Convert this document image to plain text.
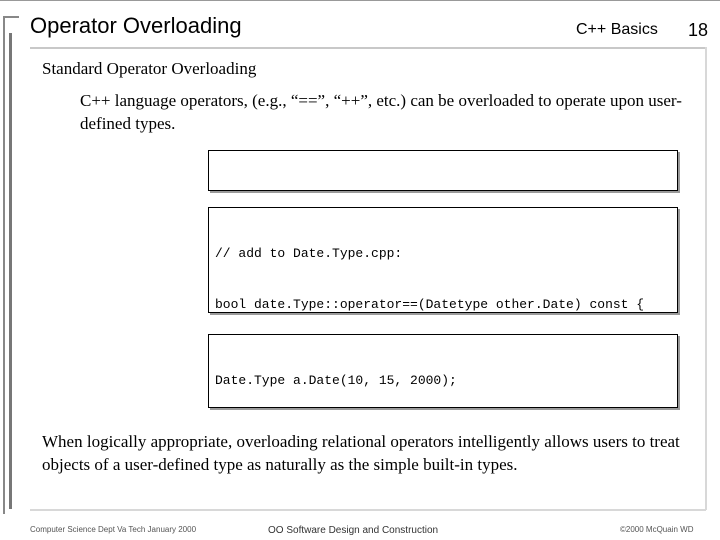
Operator Overloading	C++ Basics 18
Standard Operator Overloading
C++ language operators, (e.g., “==”, “++”, etc.) can be overloaded to operate upon user-defined types.

// add to Date.Type.cpp:

bool date.Type::operator==(Datetype other.Date) const {

Date.Type a.Date(10, 15, 2000);

When logically appropriate, overloading relational operators intelligently allows users to treat objects of a user-defined type as naturally as the simple built-in types.
Computer Science Dept Va Tech January 2000	OO Software Design and Construction	©2000 McQuain WD
